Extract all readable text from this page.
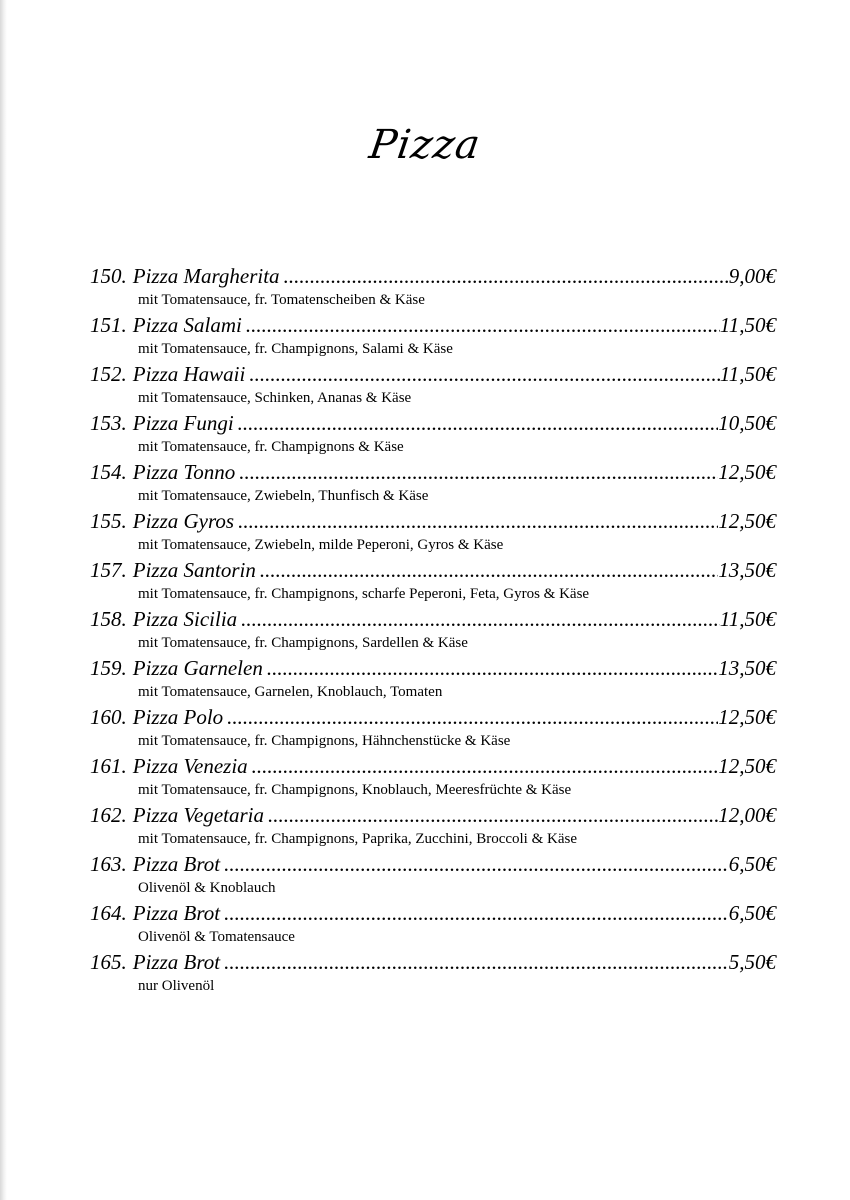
Pizza
150. Pizza Margherita .....	9,00€
mit Tomatensauce, fr. Tomatenscheiben & Käse
151. Pizza Salami .....	11,50€
mit Tomatensauce, fr. Champignons, Salami & Käse
152. Pizza Hawaii .....	11,50€
mit Tomatensauce, Schinken, Ananas & Käse
153. Pizza Fungi .....	10,50€
mit Tomatensauce, fr. Champignons & Käse
154. Pizza Tonno .....	12,50€
mit Tomatensauce, Zwiebeln, Thunfisch & Käse
155. Pizza Gyros .....	12,50€
mit Tomatensauce, Zwiebeln, milde Peperoni, Gyros & Käse
157. Pizza Santorin .....	13,50€
mit Tomatensauce, fr. Champignons, scharfe Peperoni, Feta, Gyros & Käse
158. Pizza Sicilia .....	11,50€
mit Tomatensauce, fr. Champignons, Sardellen & Käse
159. Pizza Garnelen .....	13,50€
mit Tomatensauce, Garnelen, Knoblauch, Tomaten
160. Pizza Polo .....	12,50€
mit Tomatensauce, fr. Champignons, Hähnchenstücke & Käse
161. Pizza Venezia .....	12,50€
mit Tomatensauce, fr. Champignons, Knoblauch, Meeresfrüchte & Käse
162. Pizza Vegetaria .....	12,00€
mit Tomatensauce, fr. Champignons, Paprika, Zucchini, Broccoli & Käse
163. Pizza Brot .....	6,50€
Olivenöl & Knoblauch
164. Pizza Brot .....	6,50€
Olivenöl & Tomatensauce
165. Pizza Brot .....	5,50€
nur Olivenöl
